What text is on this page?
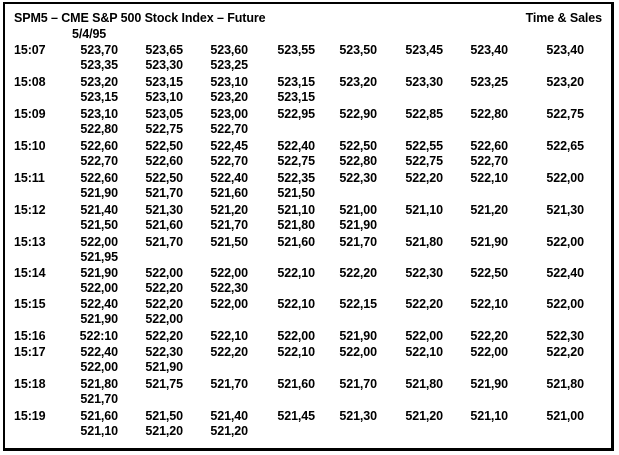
SPM5 – CME S&P 500 Stock Index – Future	Time & Sales
5/4/95
15:07	523,70 523,65 523,60 523,55 523,50 523,45 523,40	523,40
523,35 523,30 523,25
15:08	523,20 523,15 523,10 523,15 523,20 523,30 523,25	523,20
523,15 523,10 523,20 523,15
15:09	523,10 523,05 523,00 522,95 522,90 522,85 522,80	522,75
522,80 522,75 522,70
15:10	522,60 522,50 522,45 522,40 522,50 522,55 522,60	522,65
522,70 522,60 522,70 522,75 522,80 522,75 522,70
15:11	522,60 522,50 522,40 522,35 522,30 522,20 522,10	522,00
521,90 521,70 521,60 521,50
15:12	521,40 521,30 521,20 521,10 521,00 521,10 521,20	521,30
521,50 521,60 521,70 521,80 521,90
15:13	522,00 521,70 521,50 521,60 521,70 521,80 521,90	522,00
521,95
15:14	521,90 522,00 522,00 522,10 522,20 522,30 522,50	522,40
522,00 522,20 522,30
15:15	522,40 522,20 522,00 522,10 522,15 522,20 522,10	522,00
521,90 522,00
15:16	522:10 522,20 522,10 522,00 521,90 522,00 522,20	522,30
15:17	522,40 522,30 522,20 522,10 522,00 522,10 522,00	522,20
522,00 521,90
15:18	521,80 521,75 521,70 521,60 521,70 521,80 521,90	521,80
521,70
15:19	521,60 521,50 521,40 521,45 521,30 521,20 521,10	521,00
521,10 521,20 521,20
